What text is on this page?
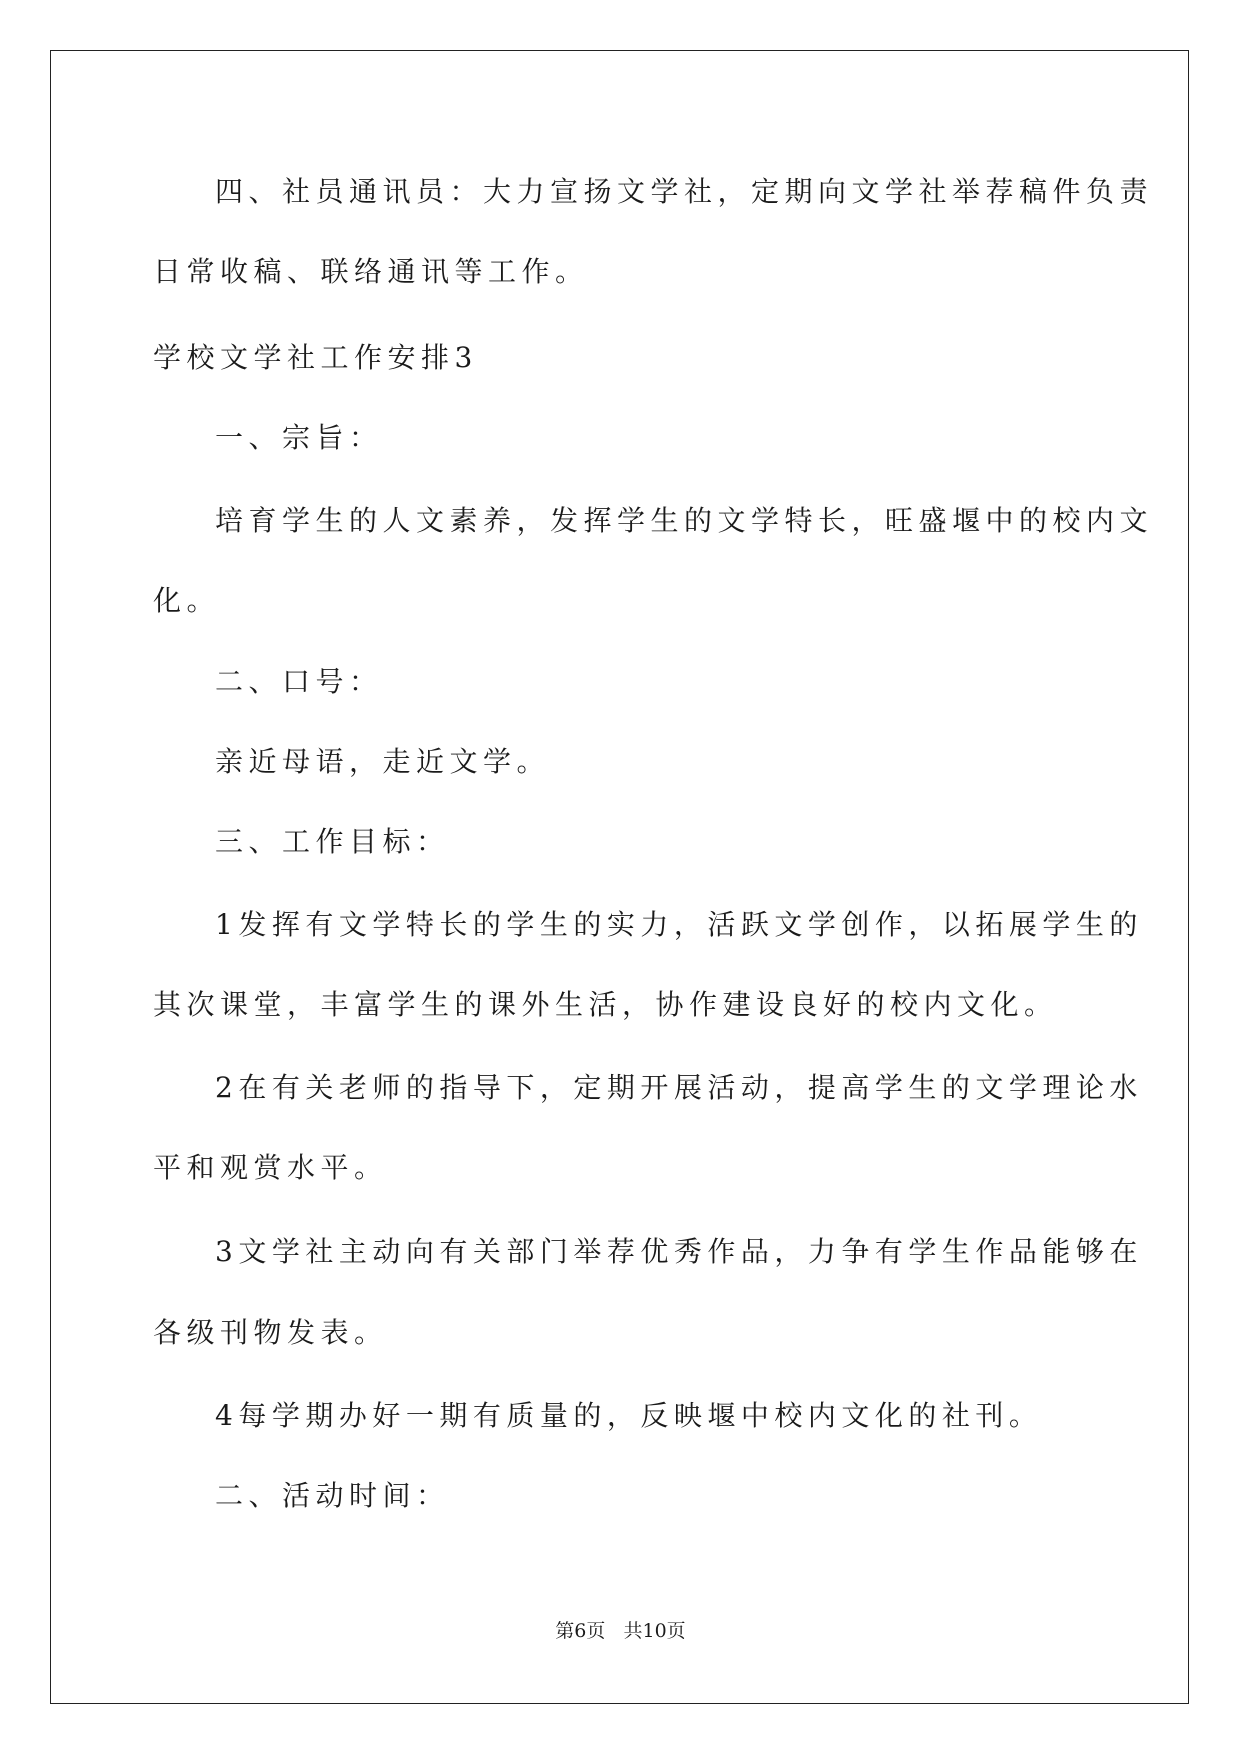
四、社员通讯员：大力宣扬文学社，定期向文学社举荐稿件负责
日常收稿、联络通讯等工作。
学校文学社工作安排3
一、宗旨：
培育学生的人文素养，发挥学生的文学特长，旺盛堰中的校内文
化。
二、口号：
亲近母语，走近文学。
三、工作目标：
1发挥有文学特长的学生的实力，活跃文学创作，以拓展学生的
其次课堂，丰富学生的课外生活，协作建设良好的校内文化。
2在有关老师的指导下，定期开展活动，提高学生的文学理论水
平和观赏水平。
3文学社主动向有关部门举荐优秀作品，力争有学生作品能够在
各级刊物发表。
4每学期办好一期有质量的，反映堰中校内文化的社刊。
二、活动时间：
第6页   共10页
